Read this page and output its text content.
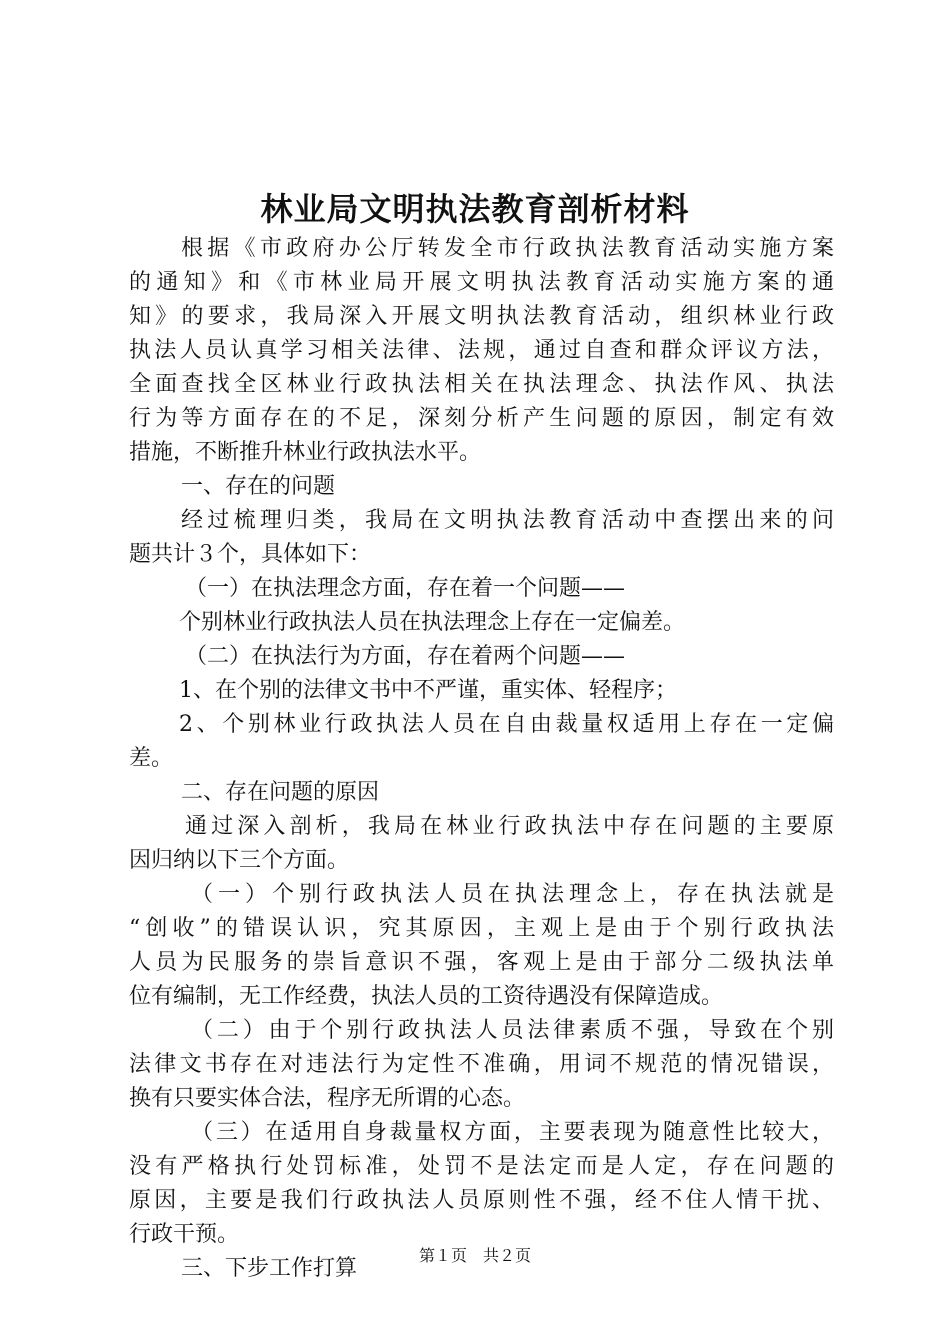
林业局文明执法教育剖析材料
根据《市政府办公厅转发全市行政执法教育活动实施方案
的通知》和《市林业局开展文明执法教育活动实施方案的通
知》的要求，我局深入开展文明执法教育活动，组织林业行政
执法人员认真学习相关法律、法规，通过自查和群众评议方法，
全面查找全区林业行政执法相关在执法理念、执法作风、执法
行为等方面存在的不足，深刻分析产生问题的原因，制定有效
措施，不断推升林业行政执法水平。
一、存在的问题
经过梳理归类，我局在文明执法教育活动中查摆出来的问
题共计３个，具体如下：
（一）在执法理念方面，存在着一个问题——
个别林业行政执法人员在执法理念上存在一定偏差。
（二）在执法行为方面，存在着两个问题——
1、在个别的法律文书中不严谨，重实体、轻程序；
2、个别林业行政执法人员在自由裁量权适用上存在一定偏
差。
二、存在问题的原因
通过深入剖析，我局在林业行政执法中存在问题的主要原
因归纳以下三个方面。
（一）个别行政执法人员在执法理念上，存在执法就是
“创收”的错误认识，究其原因，主观上是由于个别行政执法
人员为民服务的崇旨意识不强，客观上是由于部分二级执法单
位有编制，无工作经费，执法人员的工资待遇没有保障造成。
（二）由于个别行政执法人员法律素质不强，导致在个别
法律文书存在对违法行为定性不准确，用词不规范的情况错误，
换有只要实体合法，程序无所谓的心态。
（三）在适用自身裁量权方面，主要表现为随意性比较大，
没有严格执行处罚标准，处罚不是法定而是人定，存在问题的
原因，主要是我们行政执法人员原则性不强，经不住人情干扰、
行政干预。
三、下步工作打算
第１页　共２页
